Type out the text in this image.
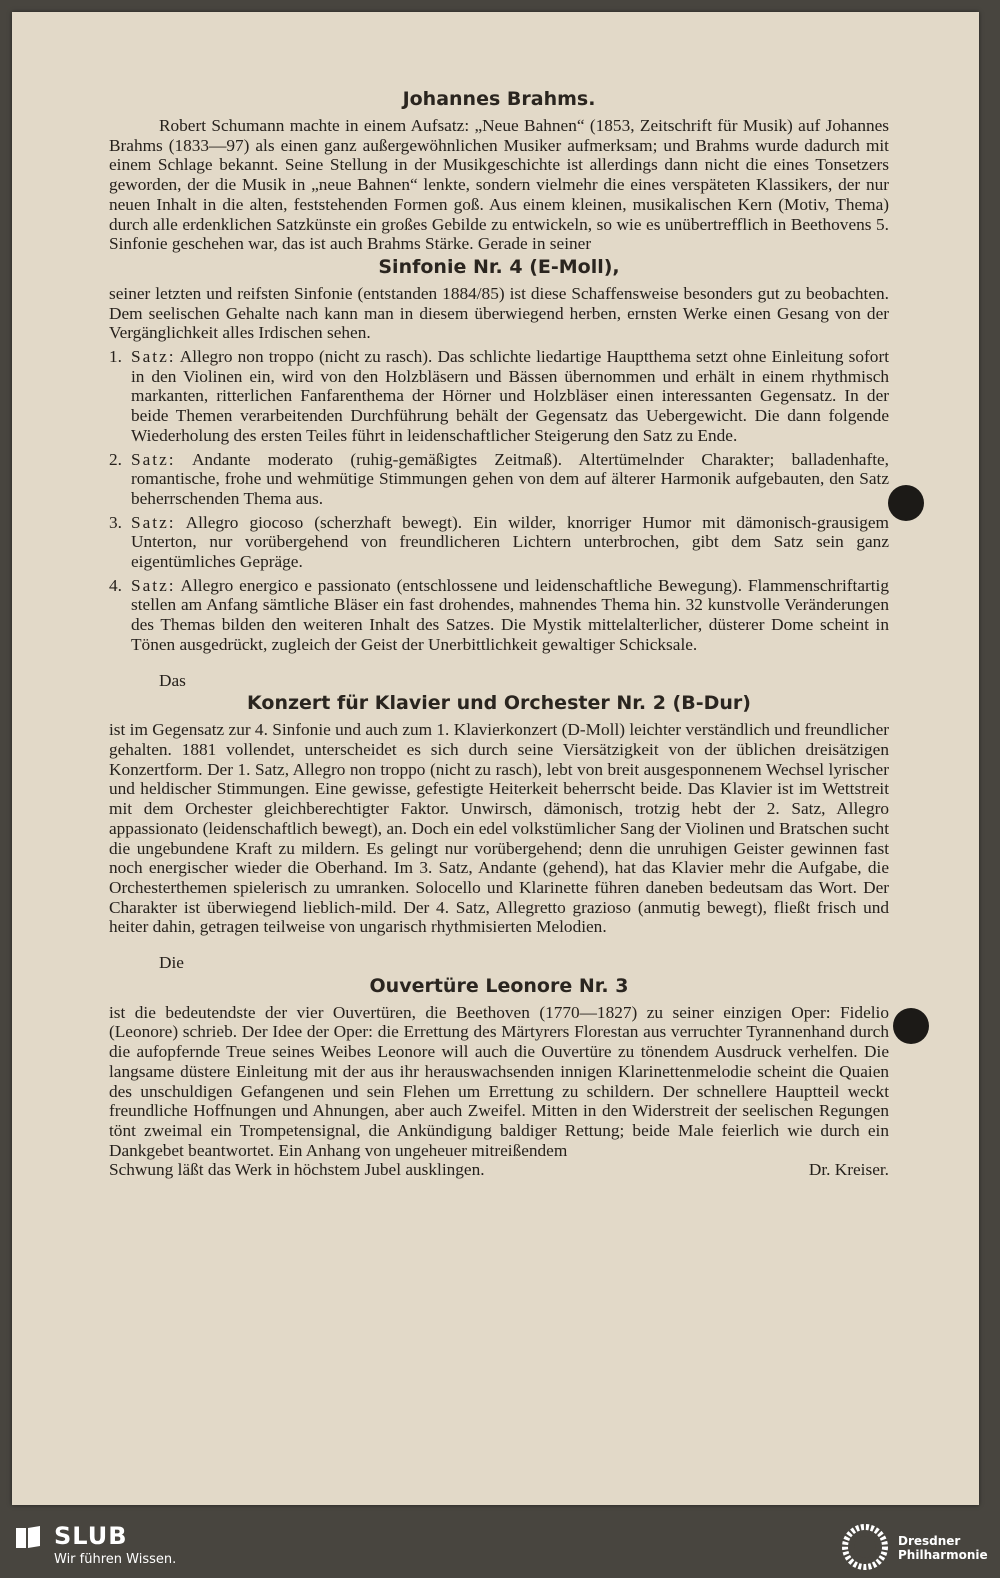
Johannes Brahms.

Robert Schumann machte in einem Aufsatz: „Neue Bahnen“ (1853, Zeitschrift für Musik) auf Johannes Brahms (1833—97) als einen ganz außergewöhnlichen Musiker aufmerksam; und Brahms wurde dadurch mit einem Schlage bekannt. Seine Stellung in der Musikgeschichte ist allerdings dann nicht die eines Tonsetzers geworden, der die Musik in „neue Bahnen“ lenkte, sondern vielmehr die eines verspäteten Klassikers, der nur neuen Inhalt in die alten, feststehenden Formen goß. Aus einem kleinen, musikalischen Kern (Motiv, Thema) durch alle erdenklichen Satzkünste ein großes Gebilde zu entwickeln, so wie es unübertrefflich in Beethovens 5. Sinfonie geschehen war, das ist auch Brahms Stärke. Gerade in seiner

Sinfonie Nr. 4 (E-Moll),

seiner letzten und reifsten Sinfonie (entstanden 1884/85) ist diese Schaffensweise besonders gut zu beobachten. Dem seelischen Gehalte nach kann man in diesem überwiegend herben, ernsten Werke einen Gesang von der Vergänglichkeit alles Irdischen sehen.

1. Satz: Allegro non troppo (nicht zu rasch). Das schlichte liedartige Hauptthema setzt ohne Einleitung sofort in den Violinen ein, wird von den Holzbläsern und Bässen übernommen und erhält in einem rhythmisch markanten, ritterlichen Fanfarenthema der Hörner und Holzbläser einen interessanten Gegensatz. In der beide Themen verarbeitenden Durchführung behält der Gegensatz das Uebergewicht. Die dann folgende Wiederholung des ersten Teiles führt in leidenschaftlicher Steigerung den Satz zu Ende.
2. Satz: Andante moderato (ruhig-gemäßigtes Zeitmaß). Altertümelnder Charakter; balladenhafte, romantische, frohe und wehmütige Stimmungen gehen von dem auf älterer Harmonik aufgebauten, den Satz beherrschenden Thema aus.
3. Satz: Allegro giocoso (scherzhaft bewegt). Ein wilder, knorriger Humor mit dämonisch-grausigem Unterton, nur vorübergehend von freundlicheren Lichtern unterbrochen, gibt dem Satz sein ganz eigentümliches Gepräge.
4. Satz: Allegro energico e passionato (entschlossene und leidenschaftliche Bewegung). Flammenschriftartig stellen am Anfang sämtliche Bläser ein fast drohendes, mahnendes Thema hin. 32 kunstvolle Veränderungen des Themas bilden den weiteren Inhalt des Satzes. Die Mystik mittelalterlicher, düsterer Dome scheint in Tönen ausgedrückt, zugleich der Geist der Unerbittlichkeit gewaltiger Schicksale.
Das
Konzert für Klavier und Orchester Nr. 2 (B-Dur)

ist im Gegensatz zur 4. Sinfonie und auch zum 1. Klavierkonzert (D-Moll) leichter verständlich und freundlicher gehalten. 1881 vollendet, unterscheidet es sich durch seine Viersätzigkeit von der üblichen dreisätzigen Konzertform. Der 1. Satz, Allegro non troppo (nicht zu rasch), lebt von breit ausgesponnenem Wechsel lyrischer und heldischer Stimmungen. Eine gewisse, gefestigte Heiterkeit beherrscht beide. Das Klavier ist im Wettstreit mit dem Orchester gleichberechtigter Faktor. Unwirsch, dämonisch, trotzig hebt der 2. Satz, Allegro appassionato (leidenschaftlich bewegt), an. Doch ein edel volkstümlicher Sang der Violinen und Bratschen sucht die ungebundene Kraft zu mildern. Es gelingt nur vorübergehend; denn die unruhigen Geister gewinnen fast noch energischer wieder die Oberhand. Im 3. Satz, Andante (gehend), hat das Klavier mehr die Aufgabe, die Orchesterthemen spielerisch zu umranken. Solocello und Klarinette führen daneben bedeutsam das Wort. Der Charakter ist überwiegend lieblich-mild. Der 4. Satz, Allegretto grazioso (anmutig bewegt), fließt frisch und heiter dahin, getragen teilweise von ungarisch rhythmisierten Melodien.

Die
Ouvertüre Leonore Nr. 3

ist die bedeutendste der vier Ouvertüren, die Beethoven (1770—1827) zu seiner einzigen Oper: Fidelio (Leonore) schrieb. Der Idee der Oper: die Errettung des Märtyrers Florestan aus verruchter Tyrannenhand durch die aufopfernde Treue seines Weibes Leonore will auch die Ouvertüre zu tönendem Ausdruck verhelfen. Die langsame düstere Einleitung mit der aus ihr herauswachsenden innigen Klarinettenmelodie scheint die Quaien des unschuldigen Gefangenen und sein Flehen um Errettung zu schildern. Der schnellere Hauptteil weckt freundliche Hoffnungen und Ahnungen, aber auch Zweifel. Mitten in den Widerstreit der seelischen Regungen tönt zweimal ein Trompetensignal, die Ankündigung baldiger Rettung; beide Male feierlich wie durch ein Dankgebet beantwortet. Ein Anhang von ungeheuer mitreißendem

Schwung läßt das Werk in höchstem Jubel ausklingen.	Dr. Kreiser.
SLUB
Wir führen Wissen.
Dresdner
Philharmonie
